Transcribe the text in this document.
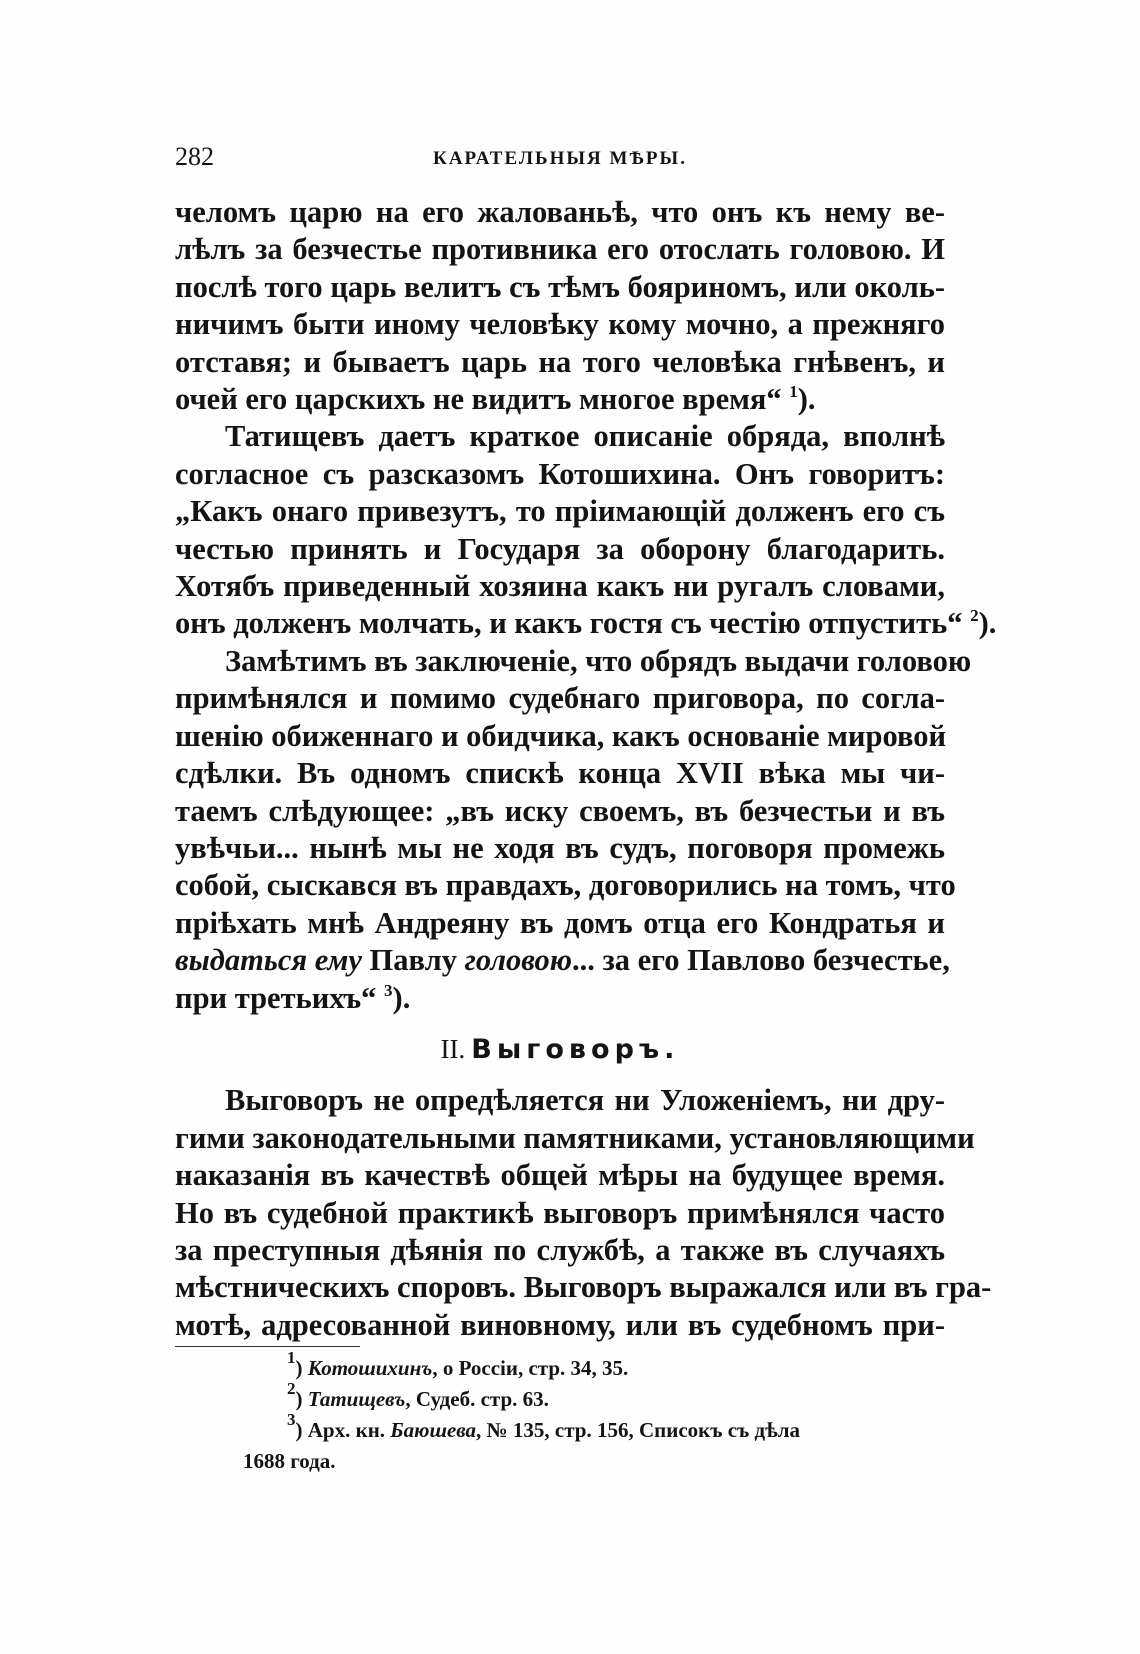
282	КАРАТЕЛЬНЫЯ МѢРЫ.

челомъ царю на его жалованьѣ, что онъ къ нему ве-
лѣлъ за безчестье противника его отослать головою. И
послѣ того царь велитъ съ тѣмъ бояриномъ, или околь-
ничимъ быти иному человѣку кому мочно, а прежняго
отставя; и бываетъ царь на того человѣка гнѣвенъ, и
очей его царскихъ не видитъ многое время“ $^1$).

Татищевъ даетъ краткое описаніе обряда, вполнѣ
согласное съ разсказомъ Котошихина. Онъ говоритъ:
„Какъ онаго привезутъ, то пріимающій долженъ его съ
честью принять и Государя за оборону благодарить.
Хотябъ приведенный хозяина какъ ни ругалъ словами,
онъ долженъ молчать, и какъ гостя съ честію отпустить“ $^2$).

Замѣтимъ въ заключеніе, что обрядъ выдачи головою
примѣнялся и помимо судебнаго приговора, по согла-
шенію обиженнаго и обидчика, какъ основаніе мировой
сдѣлки. Въ одномъ спискѣ конца XVII вѣка мы чи-
таемъ слѣдующее: „въ иску своемъ, въ безчестьи и въ
увѣчьи... нынѣ мы не ходя въ судъ, поговоря промежь
собой, сыскався въ правдахъ, договорились на томъ, что
пріѣхать мнѣ Андреяну въ домъ отца его Кондратья и
выдаться ему Павлу головою... за его Павлово безчестье,
при третьихъ“ $^3$).

II. Выговоръ.

Выговоръ не опредѣляется ни Уложеніемъ, ни дру-
гими законодательными памятниками, установляющими
наказанія въ качествѣ общей мѣры на будущее время.
Но въ судебной практикѣ выговоръ примѣнялся часто
за преступныя дѣянія по службѣ, а также въ случаяхъ
мѣстническихъ споровъ. Выговоръ выражался или въ гра-
мотѣ, адресованной виновному, или въ судебномъ при-

$^1$) Котошихинъ, о Россіи, стр. 34, 35.
$^2$) Татищевъ, Судеб. стр. 63.
$^3$) Арх. кн. Баюшева, № 135, стр. 156, Списокъ съ дѣла
1688 года.
